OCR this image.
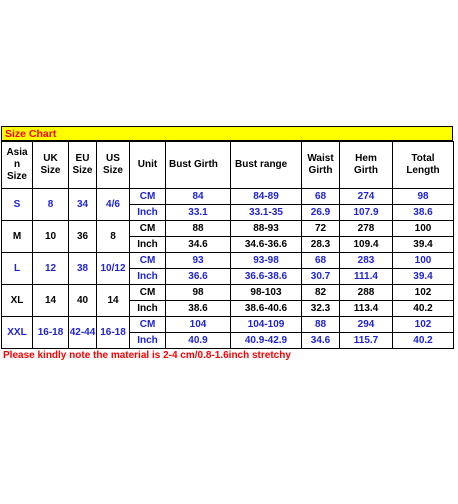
Size Chart
Asia n Size	UK Size	EU Size	US Size	Unit	Bust Girth	Bust range	Waist Girth	Hem Girth	Total Length
S	8	34	4/6	CM	84	84-89	68	274	98
				Inch	33.1	33.1-35	26.9	107.9	38.6
M	10	36	8	CM	88	88-93	72	278	100
				Inch	34.6	34.6-36.6	28.3	109.4	39.4
L	12	38	10/12	CM	93	93-98	68	283	100
				Inch	36.6	36.6-38.6	30.7	111.4	39.4
XL	14	40	14	CM	98	98-103	82	288	102
				Inch	38.6	38.6-40.6	32.3	113.4	40.2
XXL	16-18	42-44	16-18	CM	104	104-109	88	294	102
				Inch	40.9	40.9-42.9	34.6	115.7	40.2
Please kindly note the material is 2-4 cm/0.8-1.6inch stretchy
